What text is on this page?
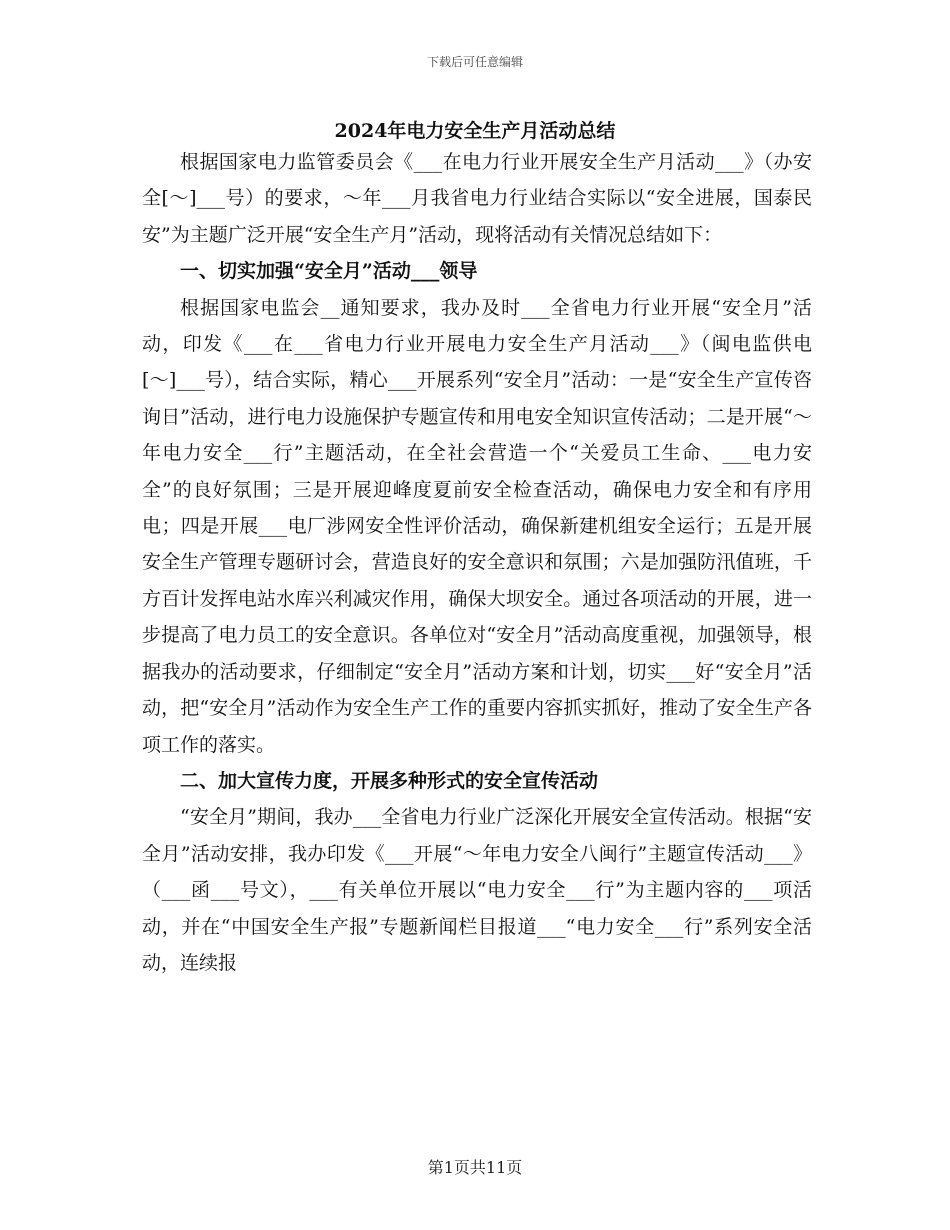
下载后可任意编辑
2024年电力安全生产月活动总结

根据国家电力监管委员会《___在电力行业开展安全生产月活动___》（办安全[～]___号）的要求，～年___月我省电力行业结合实际以“安全进展，国泰民安”为主题广泛开展“安全生产月”活动，现将活动有关情况总结如下：

一、切实加强“安全月”活动___领导

根据国家电监会__通知要求，我办及时___全省电力行业开展“安全月”活动，印发《___在___省电力行业开展电力安全生产月活动___》（闽电监供电[～]___号），结合实际，精心___开展系列“安全月”活动：一是“安全生产宣传咨询日”活动，进行电力设施保护专题宣传和用电安全知识宣传活动；二是开展“～年电力安全___行”主题活动，在全社会营造一个“关爱员工生命、___电力安全”的良好氛围；三是开展迎峰度夏前安全检查活动，确保电力安全和有序用电；四是开展___电厂涉网安全性评价活动，确保新建机组安全运行；五是开展安全生产管理专题研讨会，营造良好的安全意识和氛围；六是加强防汛值班，千方百计发挥电站水库兴利减灾作用，确保大坝安全。通过各项活动的开展，进一步提高了电力员工的安全意识。各单位对“安全月”活动高度重视，加强领导，根据我办的活动要求，仔细制定“安全月”活动方案和计划，切实___好“安全月”活动，把“安全月”活动作为安全生产工作的重要内容抓实抓好，推动了安全生产各项工作的落实。

二、加大宣传力度，开展多种形式的安全宣传活动

“安全月”期间，我办___全省电力行业广泛深化开展安全宣传活动。根据“安全月”活动安排，我办印发《___开展“～年电力安全八闽行”主题宣传活动___》（___函___号文），___有关单位开展以“电力安全___行”为主题内容的___项活动，并在“中国安全生产报”专题新闻栏目报道___“电力安全___行”系列安全活动，连续报

第1页共11页
